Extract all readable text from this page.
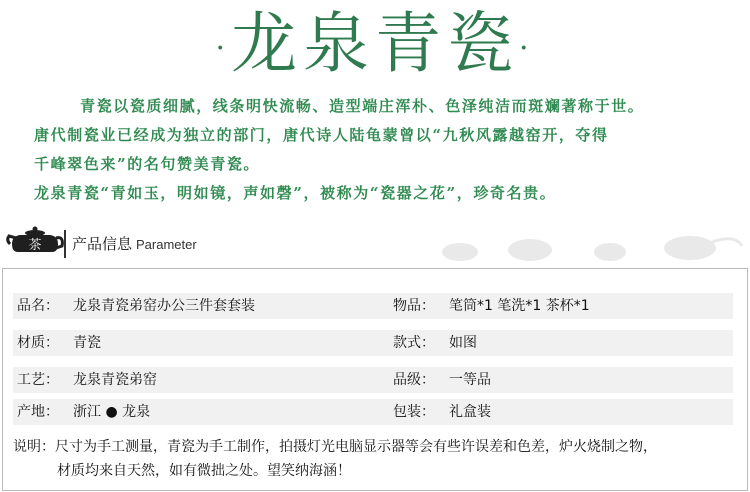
·龙泉青瓷·

青瓷以瓷质细腻，线条明快流畅、造型端庄浑朴、色泽纯洁而斑斓著称于世。

唐代制瓷业已经成为独立的部门，唐代诗人陆龟蒙曾以“九秋风露越窑开，夺得

千峰翠色来”的名句赞美青瓷。

龙泉青瓷“青如玉，明如镜，声如磬”，被称为“瓷器之花”，珍奇名贵。

茶	产品信息 Parameter
品名： 龙泉青瓷弟窑办公三件套套装	物品： 笔筒*1 笔洗*1 茶杯*1
材质： 青瓷	款式： 如图
工艺： 龙泉青瓷弟窑	品级： 一等品
产地： 浙江 ● 龙泉	包装： 礼盒装
说明：尺寸为手工测量，青瓷为手工制作，拍摄灯光电脑显示器等会有些许误差和色差，炉火烧制之物，
材质均来自天然，如有微拙之处。望笑纳海涵！
